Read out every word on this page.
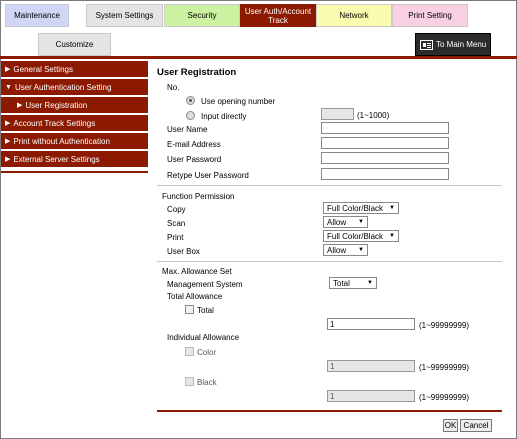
Maintenance	System Settings	Security	User Auth/Account Track	Network	Print Setting
Customize	To Main Menu
▶ General Settings
▼ User Authentication Setting
▶ User Registration
▶ Account Track Settings
▶ Print without Authentication
▶ External Server Settings
User Registration
No.
Use opening number
Input directly	(1~1000)
User Name
E-mail Address
User Password
Retype User Password
Function Permission
Copy	Full Color/Black ▼
Scan	Allow ▼
Print	Full Color/Black ▼
User Box	Allow ▼
Max. Allowance Set
Management System	Total	▼
Total Allowance
Total
1
(1~99999999)
Individual Allowance
Color
1
(1~99999999)
Black
1
(1~99999999)
OK Cancel
